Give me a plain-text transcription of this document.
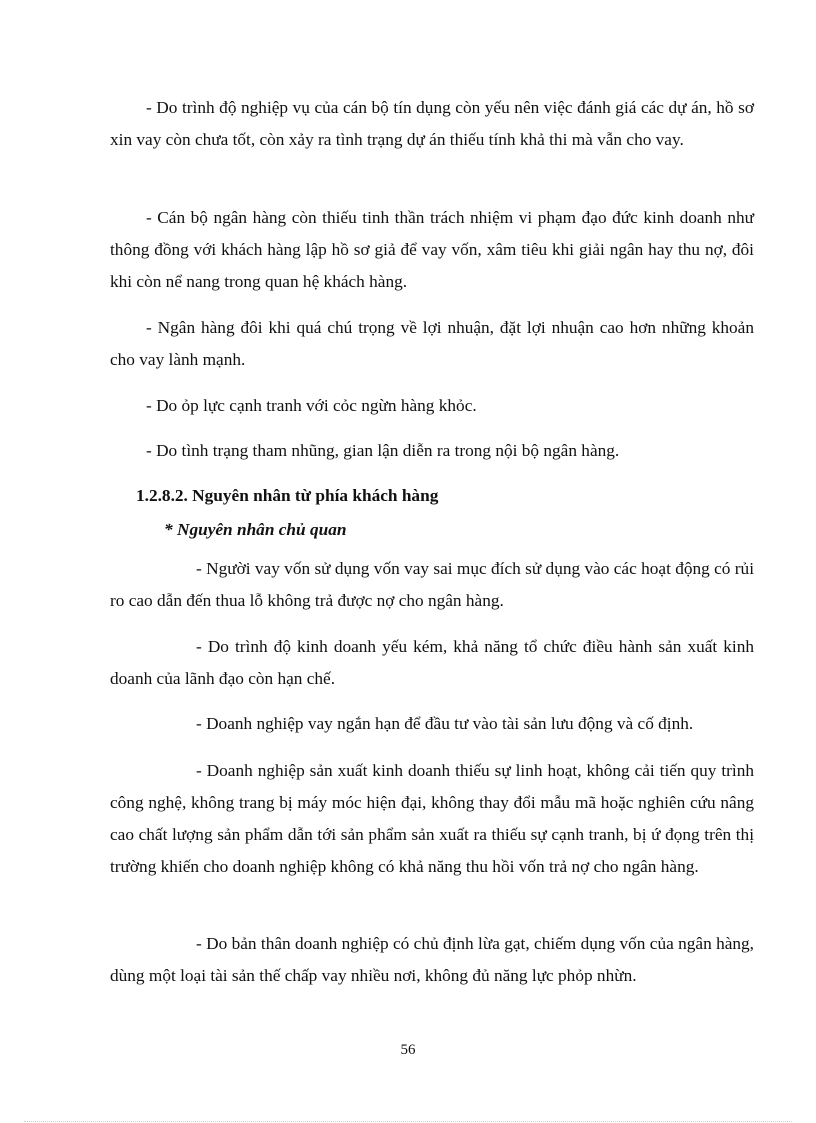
- Do trình độ nghiệp vụ của cán bộ tín dụng còn yếu nên việc đánh giá các dự án, hồ sơ xin vay còn chưa tốt, còn xảy ra tình trạng dự án thiếu tính khả thi mà vẫn cho vay.

- Cán bộ ngân hàng còn thiếu tinh thần trách nhiệm vi phạm đạo đức kinh doanh như thông đồng với khách hàng lập hồ sơ giả để vay vốn, xâm tiêu khi giải ngân hay thu nợ, đôi khi còn nể nang trong quan hệ khách hàng.

- Ngân hàng đôi khi quá chú trọng về lợi nhuận, đặt lợi nhuận cao hơn những khoản cho vay lành mạnh.

- Do ỏp lực cạnh tranh với cỏc ngừn hàng khỏc.

- Do tình trạng tham nhũng, gian lận diễn ra trong nội bộ ngân hàng.

1.2.8.2. Nguyên nhân từ phía khách hàng
* Nguyên nhân chủ quan

- Người vay vốn sử dụng vốn vay sai mục đích sử dụng vào các hoạt động có rủi ro cao dẫn đến thua lỗ không trả được nợ cho ngân hàng.

- Do trình độ kinh doanh yếu kém, khả năng tổ chức điều hành sản xuất kinh doanh của lãnh đạo còn hạn chế.

- Doanh nghiệp vay ngắn hạn để đầu tư vào tài sản lưu động và cố định.

- Doanh nghiệp sản xuất kinh doanh thiếu sự linh hoạt, không cải tiến quy trình công nghệ, không trang bị máy móc hiện đại, không thay đổi mẫu mã hoặc nghiên cứu nâng cao chất lượng sản phẩm dẫn tới sản phẩm sản xuất ra thiếu sự cạnh tranh, bị ứ đọng trên thị trường khiến cho doanh nghiệp không có khả năng thu hồi vốn trả nợ cho ngân hàng.

- Do bản thân doanh nghiệp có chủ định lừa gạt, chiếm dụng vốn của ngân hàng, dùng một loại tài sản thế chấp vay nhiều nơi, không đủ năng lực phỏp nhừn.

56
